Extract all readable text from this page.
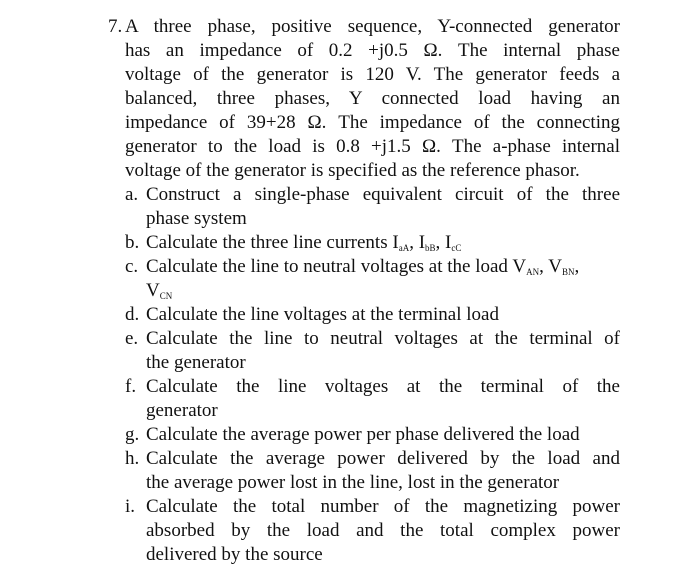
7. A three phase, positive sequence, Y-connected generator
has an impedance of 0.2 +j0.5 Ω. The internal phase
voltage of the generator is 120 V. The generator feeds a
balanced, three phases, Y connected load having an
impedance of 39+28 Ω. The impedance of the connecting
generator to the load is 0.8 +j1.5 Ω. The a-phase internal
voltage of the generator is specified as the reference phasor.
a. Construct a single-phase equivalent circuit of the three
phase system
b. Calculate the three line currents $I_{aA}$, $I_{bB}$, $I_{cC}$
c. Calculate the line to neutral voltages at the load $V_{AN}$, $V_{BN}$,
$V_{CN}$
d. Calculate the line voltages at the terminal load
e. Calculate the line to neutral voltages at the terminal of
the generator
f. Calculate the line voltages at the terminal of the
generator
g. Calculate the average power per phase delivered the load
h. Calculate the average power delivered by the load and
the average power lost in the line, lost in the generator
i. Calculate the total number of the magnetizing power
absorbed by the load and the total complex power
delivered by the source
